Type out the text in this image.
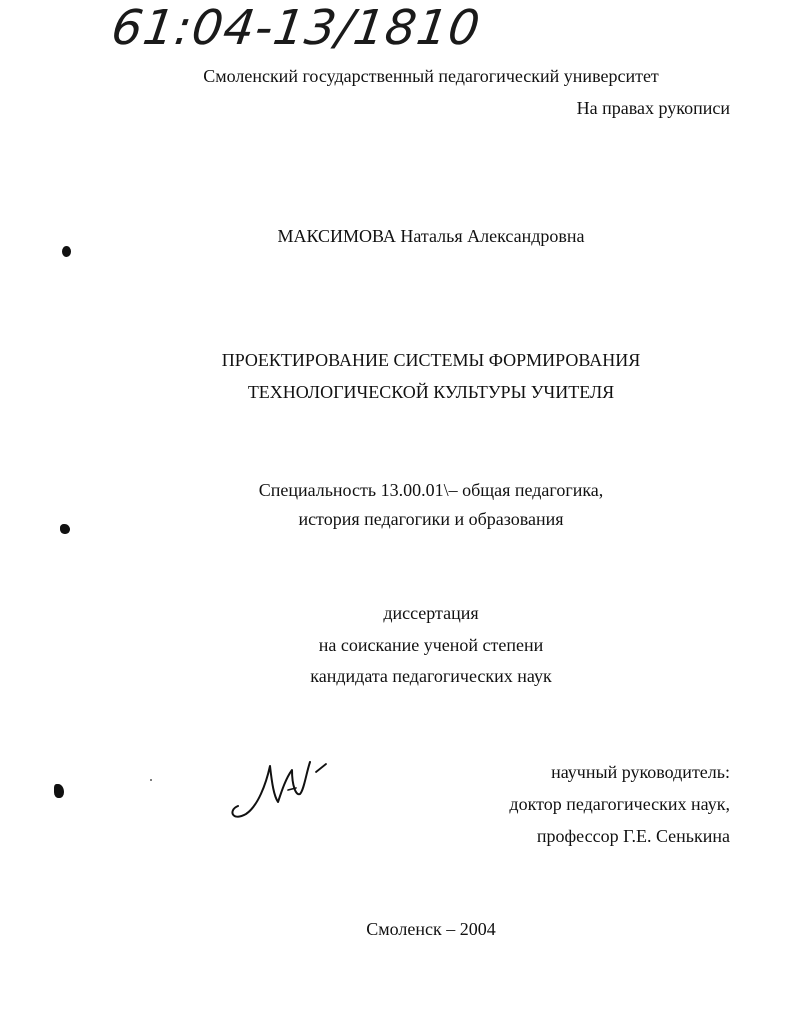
61:04-13/1810
Смоленский государственный педагогический университет
На правах рукописи
МАКСИМОВА Наталья Александровна
ПРОЕКТИРОВАНИЕ СИСТЕМЫ ФОРМИРОВАНИЯ
ТЕХНОЛОГИЧЕСКОЙ КУЛЬТУРЫ УЧИТЕЛЯ
Специальность 13.00.01\– общая педагогика,
история педагогики и образования
диссертация
на соискание ученой степени
кандидата педагогических наук
научный руководитель:
доктор педагогических наук,
профессор Г.Е. Сенькина
Смоленск – 2004
